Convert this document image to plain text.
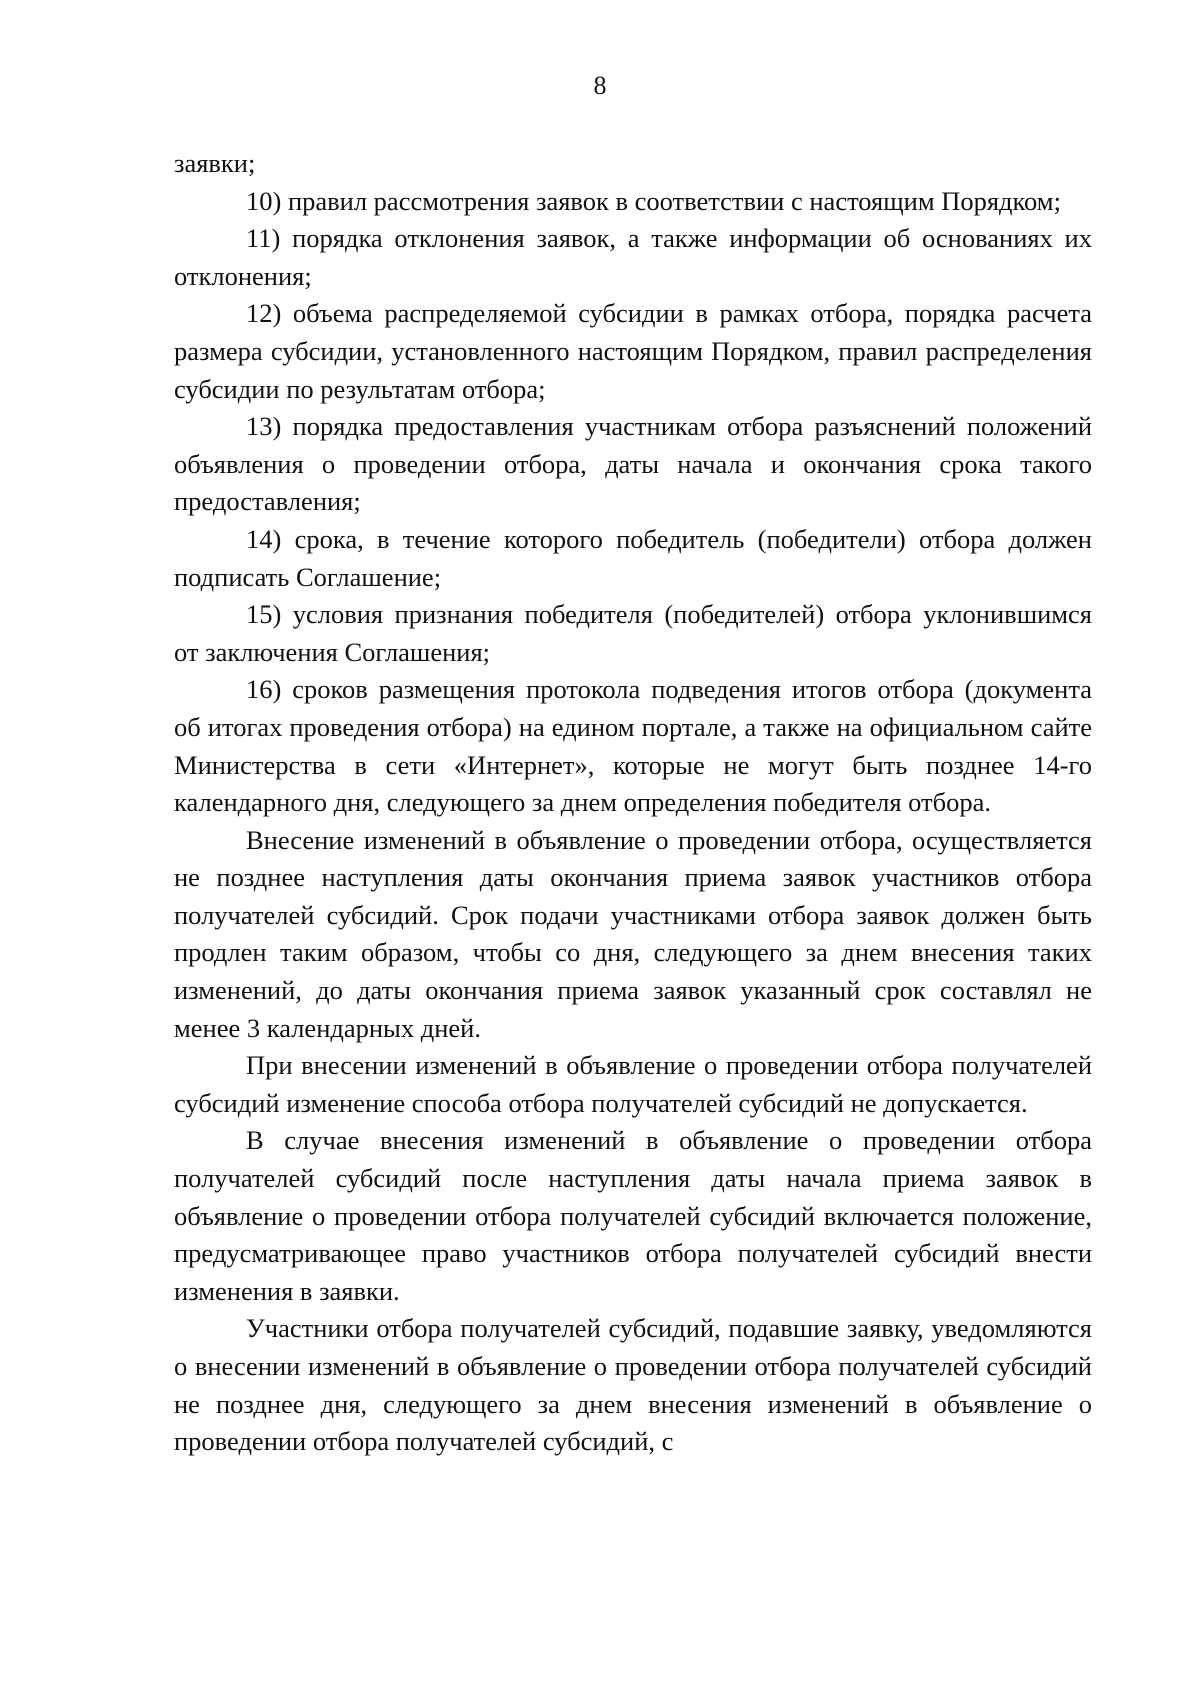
8

заявки;

10) правил рассмотрения заявок в соответствии с настоящим Порядком;

11) порядка отклонения заявок, а также информации об основаниях их отклонения;

12) объема распределяемой субсидии в рамках отбора, порядка расчета размера субсидии, установленного настоящим Порядком, правил распределения субсидии по результатам отбора;

13) порядка предоставления участникам отбора разъяснений положений объявления о проведении отбора, даты начала и окончания срока такого предоставления;

14) срока, в течение которого победитель (победители) отбора должен подписать Соглашение;

15) условия признания победителя (победителей) отбора уклонившимся от заключения Соглашения;

16) сроков размещения протокола подведения итогов отбора (документа об итогах проведения отбора) на едином портале, а также на официальном сайте Министерства в сети «Интернет», которые не могут быть позднее 14-го календарного дня, следующего за днем определения победителя отбора.

Внесение изменений в объявление о проведении отбора, осуществляется не позднее наступления даты окончания приема заявок участников отбора получателей субсидий. Срок подачи участниками отбора заявок должен быть продлен таким образом, чтобы со дня, следующего за днем внесения таких изменений, до даты окончания приема заявок указанный срок составлял не менее 3 календарных дней.

При внесении изменений в объявление о проведении отбора получателей субсидий изменение способа отбора получателей субсидий не допускается.

В случае внесения изменений в объявление о проведении отбора получателей субсидий после наступления даты начала приема заявок в объявление о проведении отбора получателей субсидий включается положение, предусматривающее право участников отбора получателей субсидий внести изменения в заявки.

Участники отбора получателей субсидий, подавшие заявку, уведомляются о внесении изменений в объявление о проведении отбора получателей субсидий не позднее дня, следующего за днем внесения изменений в объявление о проведении отбора получателей субсидий, с
